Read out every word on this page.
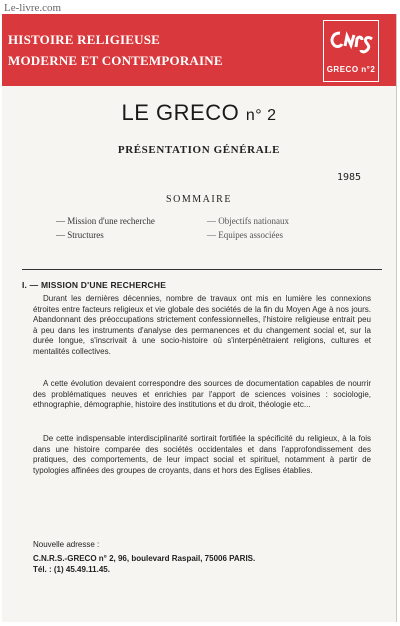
Le-livre.com
HISTOIRE RELIGIEUSE
MODERNE ET CONTEMPORAINE
GRECO n°2
LE GRECO n° 2
PRÉSENTATION GÉNÉRALE
1985
SOMMAIRE
— Mission d'une recherche
— Structures
— Objectifs nationaux
— Equipes associées
I. — MISSION D'UNE RECHERCHE

Durant les dernières décennies, nombre de travaux ont mis en lumière les connexions étroites entre facteurs religieux et vie globale des sociétés de la fin du Moyen Age à nos jours. Abandonnant des préoccupations strictement confessionnelles, l'histoire religieuse entrait peu à peu dans les instruments d'analyse des permanences et du changement social et, sur la durée longue, s'inscrivait à une socio-histoire où s'interpénètraient religions, cultures et mentalités collectives.

A cette évolution devaient correspondre des sources de documentation capables de nourrir des problématiques neuves et enrichies par l'apport de sciences voisines : sociologie, ethnographie, démographie, histoire des institutions et du droit, théologie etc...

De cette indispensable interdisciplinarité sortirait fortifiée la spécificité du religieux, à la fois dans une histoire comparée des sociétés occidentales et dans l'approfondissement des pratiques, des comportements, de leur impact social et spirituel, notamment à partir de typologies affinées des groupes de croyants, dans et hors des Eglises établies.

Nouvelle adresse :
C.N.R.S.-GRECO n° 2, 96, boulevard Raspail, 75006 PARIS.
Tél. : (1) 45.49.11.45.
